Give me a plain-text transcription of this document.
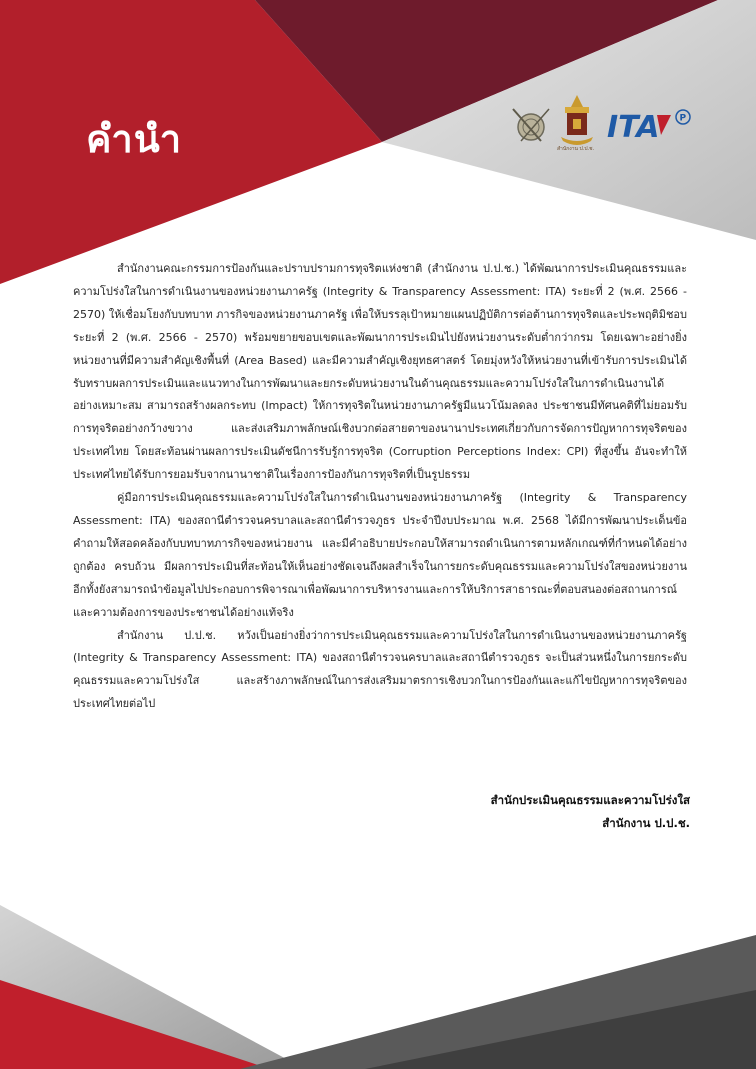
คำนำ	ITA P
สำนักงาน ป.ป.ช.

สำนักงานคณะกรรมการป้องกันและปราบปรามการทุจริตแห่งชาติ (สำนักงาน ป.ป.ช.) ได้พัฒนาการประเมินคุณธรรมและความโปร่งใสในการดำเนินงานของหน่วยงานภาครัฐ (Integrity & Transparency Assessment: ITA) ระยะที่ 2 (พ.ศ. 2566 - 2570) ให้เชื่อมโยงกับบทบาท ภารกิจของหน่วยงานภาครัฐ เพื่อให้บรรลุเป้าหมายแผนปฏิบัติการต่อต้านการทุจริตและประพฤติมิชอบ ระยะที่ 2 (พ.ศ. 2566 - 2570) พร้อมขยายขอบเขตและพัฒนาการประเมินไปยังหน่วยงานระดับต่ำกว่ากรม โดยเฉพาะอย่างยิ่งหน่วยงานที่มีความสำคัญเชิงพื้นที่ (Area Based) และมีความสำคัญเชิงยุทธศาสตร์ โดยมุ่งหวังให้หน่วยงานที่เข้ารับการประเมินได้รับทราบผลการประเมินและแนวทางในการพัฒนาและยกระดับหน่วยงานในด้านคุณธรรมและความโปร่งใสในการดำเนินงานได้อย่างเหมาะสม สามารถสร้างผลกระทบ (Impact) ให้การทุจริตในหน่วยงานภาครัฐมีแนวโน้มลดลง ประชาชนมีทัศนคติที่ไม่ยอมรับการทุจริตอย่างกว้างขวาง และส่งเสริมภาพลักษณ์เชิงบวกต่อสายตาของนานาประเทศเกี่ยวกับการจัดการปัญหาการทุจริตของประเทศไทย โดยสะท้อนผ่านผลการประเมินดัชนีการรับรู้การทุจริต (Corruption Perceptions Index: CPI) ที่สูงขึ้น อันจะทำให้ประเทศไทยได้รับการยอมรับจากนานาชาติในเรื่องการป้องกันการทุจริตที่เป็นรูปธรรม

คู่มือการประเมินคุณธรรมและความโปร่งใสในการดำเนินงานของหน่วยงานภาครัฐ (Integrity & Transparency Assessment: ITA) ของสถานีตำรวจนครบาลและสถานีตำรวจภูธร ประจำปีงบประมาณ พ.ศ. 2568 ได้มีการพัฒนาประเด็นข้อคำถามให้สอดคล้องกับบทบาทภารกิจของหน่วยงาน และมีคำอธิบายประกอบให้สามารถดำเนินการตามหลักเกณฑ์ที่กำหนดได้อย่างถูกต้อง ครบถ้วน มีผลการประเมินที่สะท้อนให้เห็นอย่างชัดเจนถึงผลสำเร็จในการยกระดับคุณธรรมและความโปร่งใสของหน่วยงาน อีกทั้งยังสามารถนำข้อมูลไปประกอบการพิจารณาเพื่อพัฒนาการบริหารงานและการให้บริการสาธารณะที่ตอบสนองต่อสถานการณ์และความต้องการของประชาชนได้อย่างแท้จริง

สำนักงาน ป.ป.ช. หวังเป็นอย่างยิ่งว่าการประเมินคุณธรรมและความโปร่งใสในการดำเนินงานของหน่วยงานภาครัฐ (Integrity & Transparency Assessment: ITA) ของสถานีตำรวจนครบาลและสถานีตำรวจภูธร จะเป็นส่วนหนึ่งในการยกระดับคุณธรรมและความโปร่งใส และสร้างภาพลักษณ์ในการส่งเสริมมาตรการเชิงบวกในการป้องกันและแก้ไขปัญหาการทุจริตของประเทศไทยต่อไป

สำนักประเมินคุณธรรมและความโปร่งใส
สำนักงาน ป.ป.ช.
